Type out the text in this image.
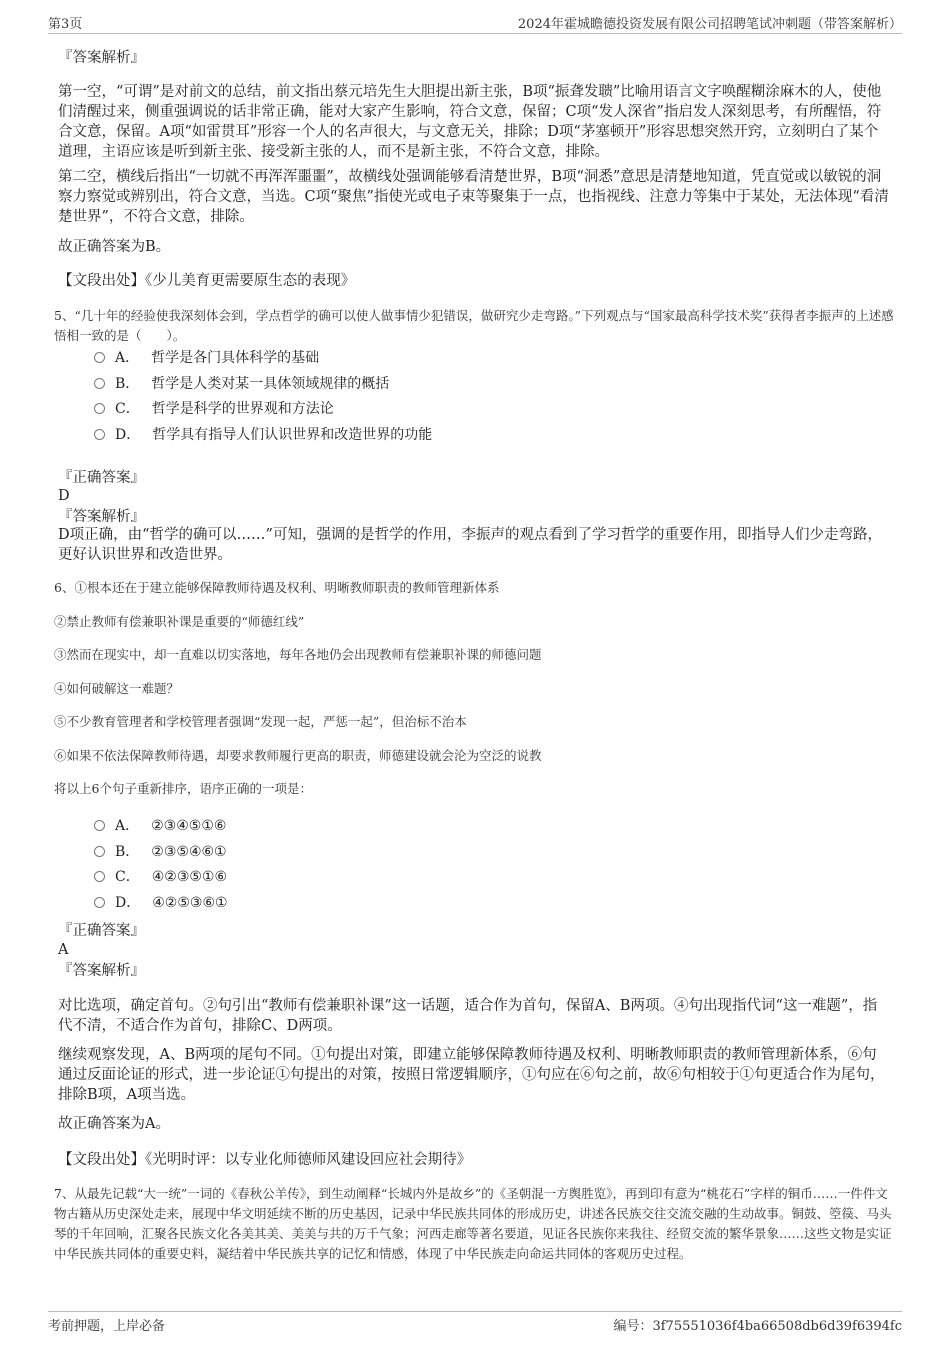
第3页	2024年霍城瞻德投资发展有限公司招聘笔试冲刺题（带答案解析）
『答案解析』
第一空，“可谓”是对前文的总结，前文指出蔡元培先生大胆提出新主张，B项“振聋发聩”比喻用语言文字唤醒糊涂麻木的人，使他们清醒过来，侧重强调说的话非常正确，能对大家产生影响，符合文意，保留；C项“发人深省”指启发人深刻思考，有所醒悟，符合文意，保留。A项“如雷贯耳”形容一个人的名声很大，与文意无关，排除；D项“茅塞顿开”形容思想突然开窍，立刻明白了某个道理，主语应该是听到新主张、接受新主张的人，而不是新主张，不符合文意，排除。
第二空，横线后指出“一切就不再浑浑噩噩”，故横线处强调能够看清楚世界，B项“洞悉”意思是清楚地知道，凭直觉或以敏锐的洞察力察觉或辨别出，符合文意，当选。C项“聚焦”指使光或电子束等聚集于一点，也指视线、注意力等集中于某处，无法体现“看清楚世界”，不符合文意，排除。
故正确答案为B。
【文段出处】《少儿美育更需要原生态的表现》
5、“几十年的经验使我深刻体会到，学点哲学的确可以使人做事情少犯错误，做研究少走弯路。”下列观点与“国家最高科学技术奖”获得者李振声的上述感悟相一致的是（　　）。
A． 哲学是各门具体科学的基础
B． 哲学是人类对某一具体领域规律的概括
C． 哲学是科学的世界观和方法论
D． 哲学具有指导人们认识世界和改造世界的功能
『正确答案』
D
『答案解析』
D项正确，由“哲学的确可以……”可知，强调的是哲学的作用，李振声的观点看到了学习哲学的重要作用，即指导人们少走弯路，更好认识世界和改造世界。
6、①根本还在于建立能够保障教师待遇及权利、明晰教师职责的教师管理新体系
②禁止教师有偿兼职补课是重要的“师德红线”
③然而在现实中，却一直难以切实落地，每年各地仍会出现教师有偿兼职补课的师德问题
④如何破解这一难题？
⑤不少教育管理者和学校管理者强调“发现一起，严惩一起”，但治标不治本
⑥如果不依法保障教师待遇，却要求教师履行更高的职责，师德建设就会沦为空泛的说教
将以上6个句子重新排序，语序正确的一项是：
A． ②③④⑤①⑥
B． ②③⑤④⑥①
C． ④②③⑤①⑥
D． ④②⑤③⑥①
『正确答案』
A
『答案解析』
对比选项，确定首句。②句引出“教师有偿兼职补课”这一话题，适合作为首句，保留A、B两项。④句出现指代词“这一难题”，指代不清，不适合作为首句，排除C、D两项。
继续观察发现，A、B两项的尾句不同。①句提出对策，即建立能够保障教师待遇及权利、明晰教师职责的教师管理新体系，⑥句通过反面论证的形式，进一步论证①句提出的对策，按照日常逻辑顺序，①句应在⑥句之前，故⑥句相较于①句更适合作为尾句，排除B项，A项当选。
故正确答案为A。
【文段出处】《光明时评：以专业化师德师风建设回应社会期待》
7、从最先记载“大一统”一词的《春秋公羊传》，到生动阐释“长城内外是故乡”的《圣朝混一方舆胜览》，再到印有意为“桃花石”字样的铜币……一件件文物古籍从历史深处走来，展现中华文明延续不断的历史基因，记录中华民族共同体的形成历史，讲述各民族交往交流交融的生动故事。铜鼓、箜篌、马头琴的千年回响，汇聚各民族文化各美其美、美美与共的万千气象；河西走廊等著名要道，见证各民族你来我往、经贸交流的繁华景象……这些文物是实证中华民族共同体的重要史料，凝结着中华民族共享的记忆和情感，体现了中华民族走向命运共同体的客观历史过程。
考前押题，上岸必备	编号：3f75551036f4ba66508db6d39f6394fc
